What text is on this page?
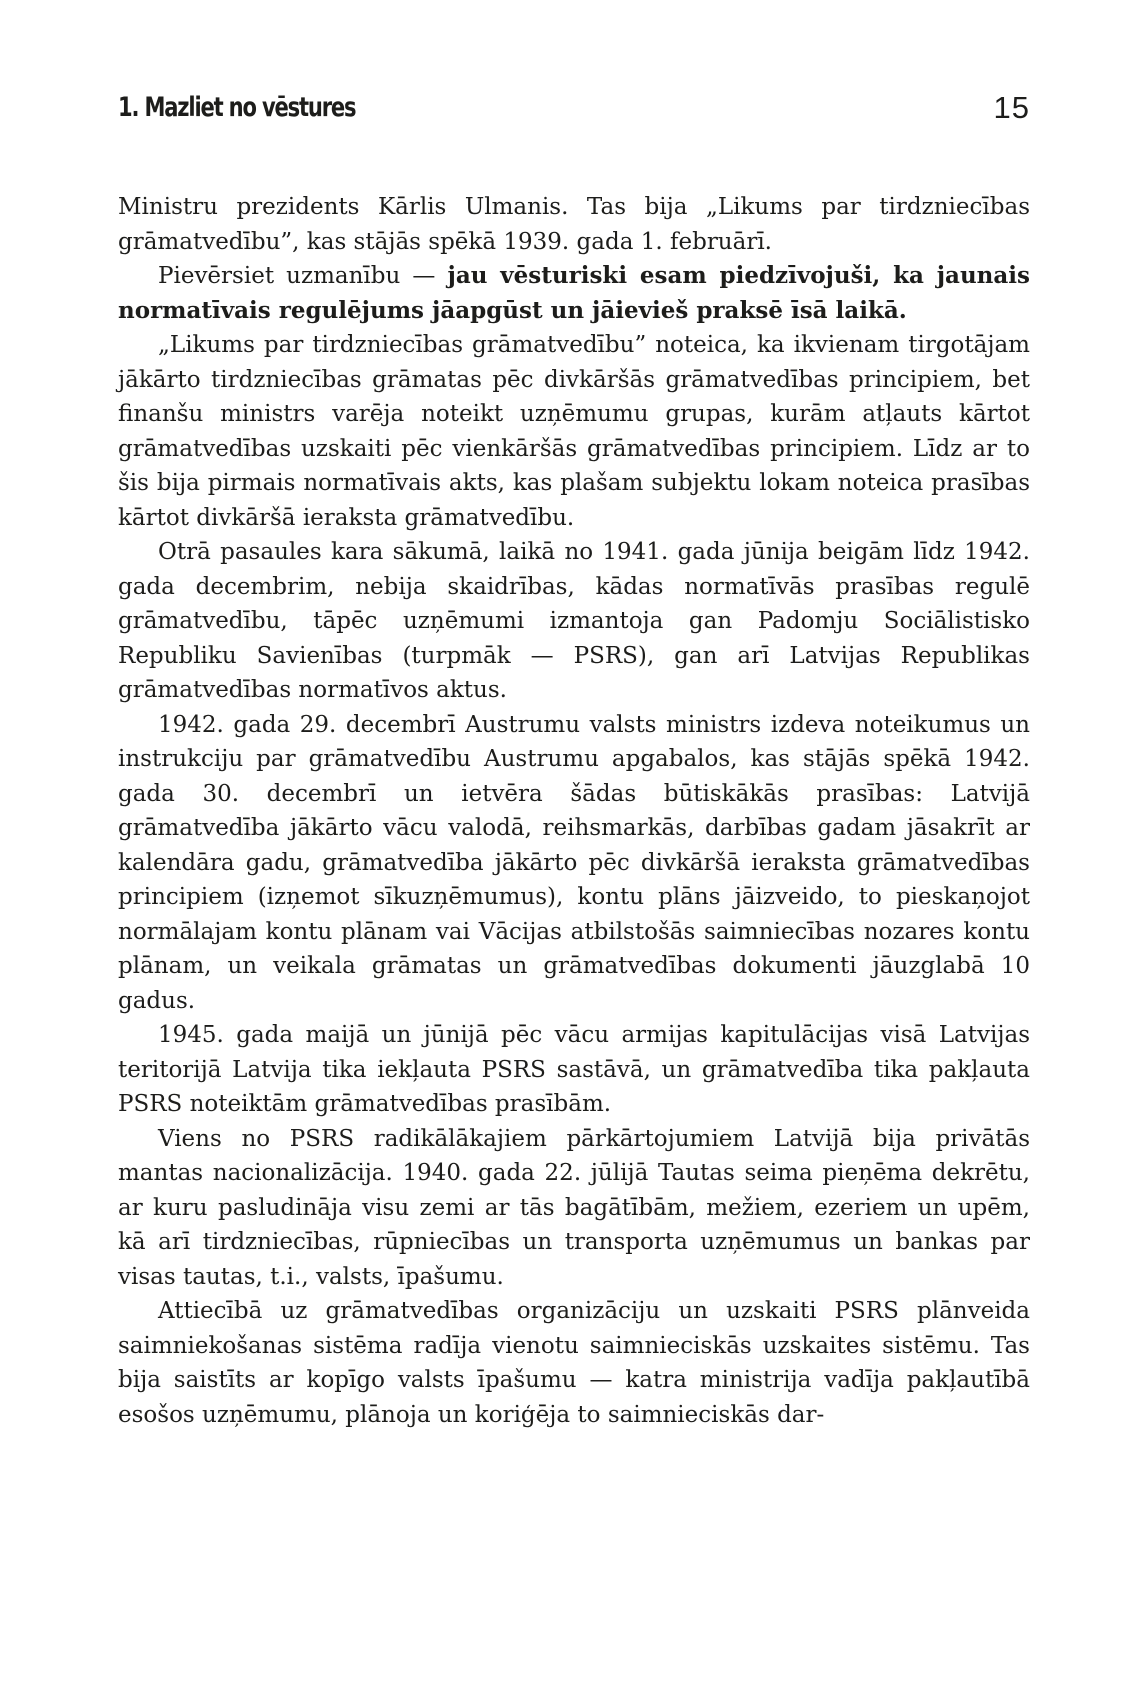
1. Mazliet no vēstures	15

Ministru prezidents Kārlis Ulmanis. Tas bija „Likums par tirdzniecības grāmatvedību”, kas stājās spēkā 1939. gada 1. februārī.

Pievērsiet uzmanību — jau vēsturiski esam piedzīvojuši, ka jaunais normatīvais regulējums jāapgūst un jāievieš praksē īsā laikā.

„Likums par tirdzniecības grāmatvedību” noteica, ka ikvienam tirgotājam jākārto tirdzniecības grāmatas pēc divkāršās grāmatvedības principiem, bet finanšu ministrs varēja noteikt uzņēmumu grupas, kurām atļauts kārtot grāmatvedības uzskaiti pēc vienkāršās grāmatvedības principiem. Līdz ar to šis bija pirmais normatīvais akts, kas plašam subjektu lokam noteica prasības kārtot divkāršā ieraksta grāmatvedību.

Otrā pasaules kara sākumā, laikā no 1941. gada jūnija beigām līdz 1942. gada decembrim, nebija skaidrības, kādas normatīvās prasības regulē grāmatvedību, tāpēc uzņēmumi izmantoja gan Padomju Sociālistisko Republiku Savienības (turpmāk — PSRS), gan arī Latvijas Republikas grāmatvedības normatīvos aktus.

1942. gada 29. decembrī Austrumu valsts ministrs izdeva noteikumus un instrukciju par grāmatvedību Austrumu apgabalos, kas stājās spēkā 1942. gada 30. decembrī un ietvēra šādas būtiskākās prasības: Latvijā grāmatvedība jākārto vācu valodā, reihsmarkās, darbības gadam jāsakrīt ar kalendāra gadu, grāmatvedība jākārto pēc divkāršā ieraksta grāmatvedības principiem (izņemot sīkuzņēmumus), kontu plāns jāizveido, to pieskaņojot normālajam kontu plānam vai Vācijas atbilstošās saimniecības nozares kontu plānam, un veikala grāmatas un grāmatvedības dokumenti jāuzglabā 10 gadus.

1945. gada maijā un jūnijā pēc vācu armijas kapitulācijas visā Latvijas teritorijā Latvija tika iekļauta PSRS sastāvā, un grāmatvedība tika pakļauta PSRS noteiktām grāmatvedības prasībām.

Viens no PSRS radikālākajiem pārkārtojumiem Latvijā bija privātās mantas nacionalizācija. 1940. gada 22. jūlijā Tautas seima pieņēma dekrētu, ar kuru pasludināja visu zemi ar tās bagātībām, mežiem, ezeriem un upēm, kā arī tirdzniecības, rūpniecības un transporta uzņēmumus un bankas par visas tautas, t.i., valsts, īpašumu.

Attiecībā uz grāmatvedības organizāciju un uzskaiti PSRS plānveida saimniekošanas sistēma radīja vienotu saimnieciskās uzskaites sistēmu. Tas bija saistīts ar kopīgo valsts īpašumu — katra ministrija vadīja pakļautībā esošos uzņēmumu, plānoja un koriģēja to saimnieciskās dar-
